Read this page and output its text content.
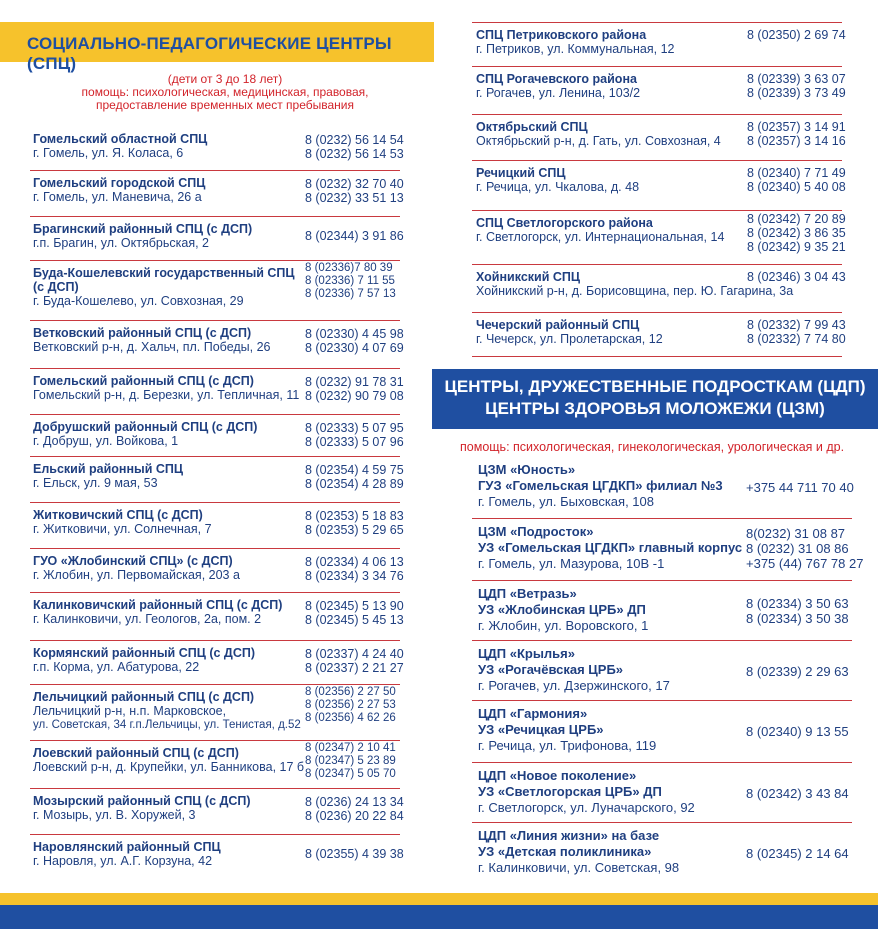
СОЦИАЛЬНО-ПЕДАГОГИЧЕСКИЕ ЦЕНТРЫ (СПЦ)
(дети от 3 до 18 лет)
помощь: психологическая, медицинская, правовая,
предоставление временных мест пребывания
Гомельский областной СПЦ
г. Гомель, ул. Я. Коласа, 6
8 (0232) 56 14 54
8 (0232) 56 14 53
Гомельский городской СПЦ
г. Гомель, ул. Маневича, 26 а
8 (0232) 32 70 40
8 (0232) 33 51 13
Брагинский районный СПЦ (с ДСП)
г.п. Брагин, ул. Октябрьская, 2	8 (02344) 3 91 86
Буда-Кошелевский государственный СПЦ
(с ДСП)
г. Буда-Кошелево, ул. Совхозная, 29
8 (02336)7 80 39
8 (02336) 7 11 55
8 (02336) 7 57 13
Ветковский районный СПЦ (с ДСП)
Ветковский р-н, д. Хальч, пл. Победы, 26
8 (02330) 4 45 98
8 (02330) 4 07 69
Гомельский районный СПЦ (с ДСП)
Гомельский р-н, д. Березки, ул. Тепличная, 11
8 (0232) 91 78 31
8 (0232) 90 79 08
Добрушский районный СПЦ (с ДСП)
г. Добруш, ул. Войкова, 1
8 (02333) 5 07 95
8 (02333) 5 07 96
Ельский районный СПЦ
г. Ельск, ул. 9 мая, 53
8 (02354) 4 59 75
8 (02354) 4 28 89
Житковичский СПЦ (с ДСП)
г. Житковичи, ул. Солнечная, 7
8 (02353) 5 18 83
8 (02353) 5 29 65
ГУО «Жлобинский СПЦ» (с ДСП)
г. Жлобин, ул. Первомайская, 203 а
8 (02334) 4 06 13
8 (02334) 3 34 76
Калинковичский районный СПЦ (с ДСП)
г. Калинковичи, ул. Геологов, 2а, пом. 2
8 (02345) 5 13 90
8 (02345) 5 45 13
Кормянский районный СПЦ (с ДСП)
г.п. Корма, ул. Абатурова, 22
8 (02337) 4 24 40
8 (02337) 2 21 27
Лельчицкий районный СПЦ (с ДСП)
Лельчицкий р-н, н.п. Марковское,
ул. Советская, 34 г.п.Лельчицы, ул. Тенистая, д.52
8 (02356) 2 27 50
8 (02356) 2 27 53
8 (02356) 4 62 26
Лоевский районный СПЦ (с ДСП)
Лоевский р-н, д. Крупейки, ул. Банникова, 17 б
8 (02347) 2 10 41
8 (02347) 5 23 89
8 (02347) 5 05 70
Мозырский районный СПЦ (с ДСП)
г. Мозырь, ул. В. Хоружей, 3
8 (0236) 24 13 34
8 (0236) 20 22 84
Наровлянский районный СПЦ
г. Наровля, ул. А.Г. Корзуна, 42	8 (02355) 4 39 38
СПЦ Петриковского района
г. Петриков, ул. Коммунальная, 12
8 (02350) 2 69 74
СПЦ Рогачевского района
г. Рогачев, ул. Ленина, 103/2
8 (02339) 3 63 07
8 (02339) 3 73 49
Октябрьский СПЦ
Октябрьский р-н, д. Гать, ул. Совхозная, 4
8 (02357) 3 14 91
8 (02357) 3 14 16
Речицкий СПЦ
г. Речица, ул. Чкалова, д. 48
8 (02340) 7 71 49
8 (02340) 5 40 08
СПЦ Светлогорского района
г. Светлогорск, ул. Интернациональная, 14
8 (02342) 7 20 89
8 (02342) 3 86 35
8 (02342) 9 35 21
Хойникский СПЦ
Хойникский р-н, д. Борисовщина, пер. Ю. Гагарина, 3а
8 (02346) 3 04 43
Чечерский районный СПЦ
г. Чечерск, ул. Пролетарская, 12
8 (02332) 7 99 43
8 (02332) 7 74 80
ЦЕНТРЫ, ДРУЖЕСТВЕННЫЕ ПОДРОСТКАМ (ЦДП)
ЦЕНТРЫ ЗДОРОВЬЯ МОЛОЖЕЖИ (ЦЗМ)
помощь: психологическая, гинекологическая, урологическая и др.
ЦЗМ «Юность»
ГУЗ «Гомельская ЦГДКП» филиал №3
г. Гомель, ул. Быховская, 108
+375 44 711 70 40
ЦЗМ «Подросток»
УЗ «Гомельская ЦГДКП» главный корпус
г. Гомель, ул. Мазурова, 10В -1
8(0232) 31 08 87
8 (0232) 31 08 86
+375 (44) 767 78 27
ЦДП «Ветразь»
УЗ «Жлобинская ЦРБ» ДП
г. Жлобин, ул. Воровского, 1
8 (02334) 3 50 63
8 (02334) 3 50 38
ЦДП «Крылья»
УЗ «Рогачёвская ЦРБ»
г. Рогачев, ул. Дзержинского, 17
8 (02339) 2 29 63
ЦДП «Гармония»
УЗ «Речицкая ЦРБ»
г. Речица, ул. Трифонова, 119
8 (02340) 9 13 55
ЦДП «Новое поколение»
УЗ «Светлогорская ЦРБ» ДП
г. Светлогорск, ул. Луначарского, 92
8 (02342) 3 43 84
ЦДП «Линия жизни» на базе
УЗ «Детская поликлиника»
г. Калинковичи, ул. Советская, 98
8 (02345) 2 14 64
